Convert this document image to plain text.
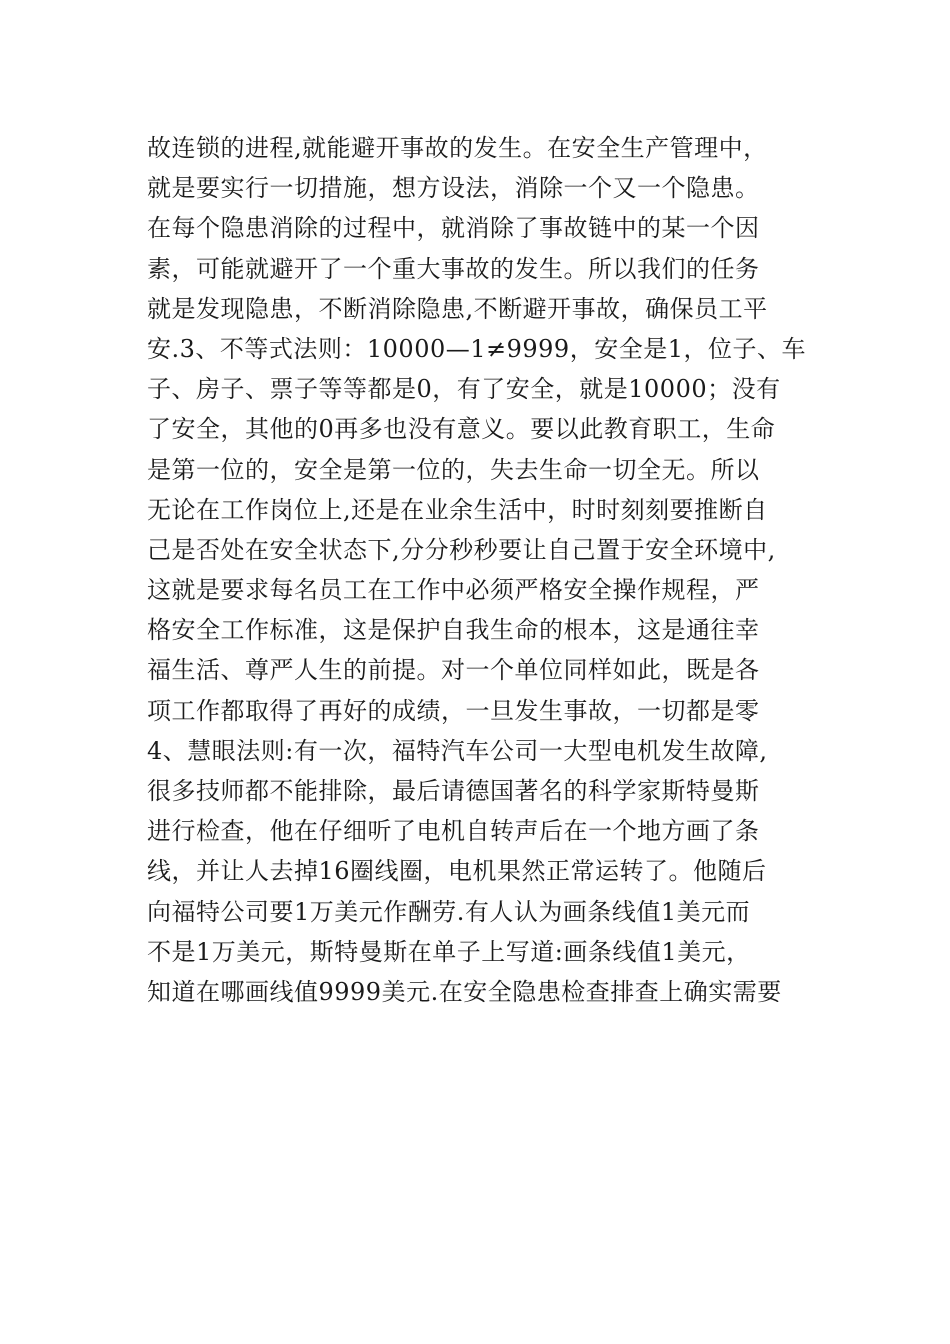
故连锁的进程,就能避开事故的发生。在安全生产管理中，
就是要实行一切措施，想方设法，消除一个又一个隐患。
在每个隐患消除的过程中，就消除了事故链中的某一个因
素，可能就避开了一个重大事故的发生。所以我们的任务
就是发现隐患，不断消除隐患,不断避开事故，确保员工平
安.3、不等式法则：10000—1≠9999，安全是1，位子、车
子、房子、票子等等都是0，有了安全，就是10000；没有
了安全，其他的0再多也没有意义。要以此教育职工，生命
是第一位的，安全是第一位的，失去生命一切全无。所以
无论在工作岗位上,还是在业余生活中，时时刻刻要推断自
己是否处在安全状态下,分分秒秒要让自己置于安全环境中,
这就是要求每名员工在工作中必须严格安全操作规程，严
格安全工作标准，这是保护自我生命的根本，这是通往幸
福生活、尊严人生的前提。对一个单位同样如此，既是各
项工作都取得了再好的成绩，一旦发生事故，一切都是零
4、慧眼法则:有一次，福特汽车公司一大型电机发生故障,
很多技师都不能排除，最后请德国著名的科学家斯特曼斯
进行检查，他在仔细听了电机自转声后在一个地方画了条
线，并让人去掉16圈线圈，电机果然正常运转了。他随后
向福特公司要1万美元作酬劳.有人认为画条线值1美元而
不是1万美元，斯特曼斯在单子上写道:画条线值1美元，
知道在哪画线值9999美元.在安全隐患检查排查上确实需要
